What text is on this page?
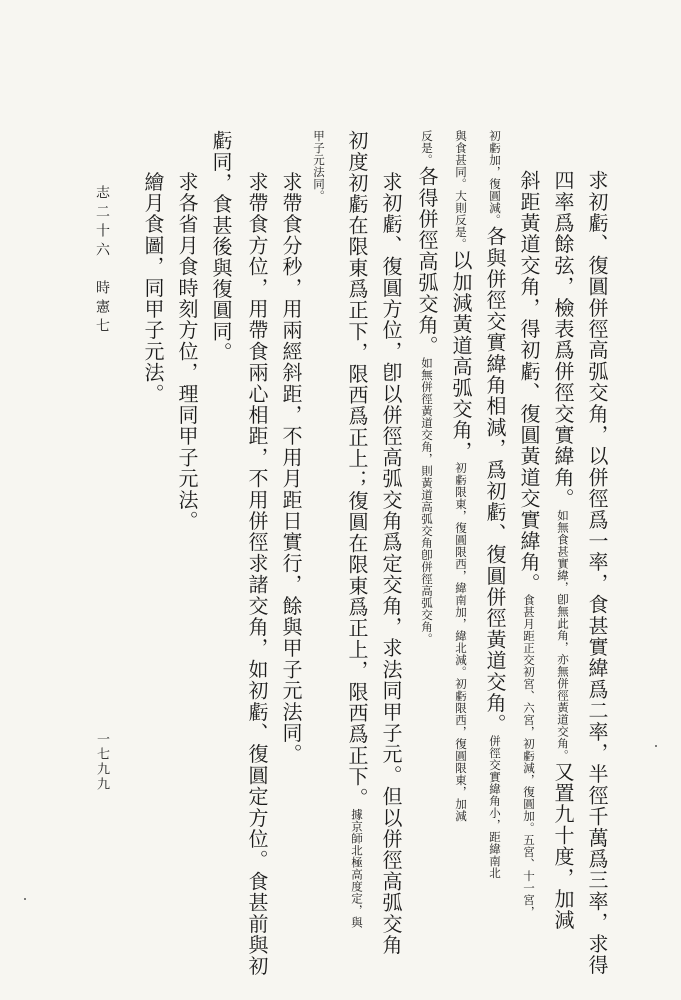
求初虧、復圓併徑高弧交角，以併徑爲一率，食甚實緯爲二率，半徑千萬爲三率，求得
四率爲餘弦，檢表爲併徑交實緯角。如無食甚實緯，卽無此角，亦無併徑黃道交角。又置九十度，加減
斜距黃道交角，得初虧、復圓黃道交實緯角。食甚月距正交初宮、六宮，初虧減，復圓加。五宮、十一宮，
初虧加，復圓減。各與併徑交實緯角相減，爲初虧、復圓併徑黃道交角。併徑交實緯角小，距緯南北
與食甚同。大則反是。以加減黃道高弧交角，初虧限東，復圓限西，緯南加，緯北減。初虧限西，復圓限東，加減
反是。各得併徑高弧交角。如無併徑黃道交角，則黃道高弧交角卽併徑高弧交角。
　求初虧、復圓方位，卽以併徑高弧交角爲定交角，求法同甲子元。但以併徑高弧交角
初度初虧在限東爲正下，限西爲正上；復圓在限東爲正上，限西爲正下。據京師北極高度定，與
甲子元法同。
　求帶食分秒，用兩經斜距，不用月距日實行，餘與甲子元法同。
　求帶食方位，用帶食兩心相距，不用併徑求諸交角，如初虧、復圓定方位。食甚前與初
虧同，食甚後與復圓同。
　求各省月食時刻方位，理同甲子元法。
　繪月食圖，同甲子元法。
志二十六　時憲七
一七九九
